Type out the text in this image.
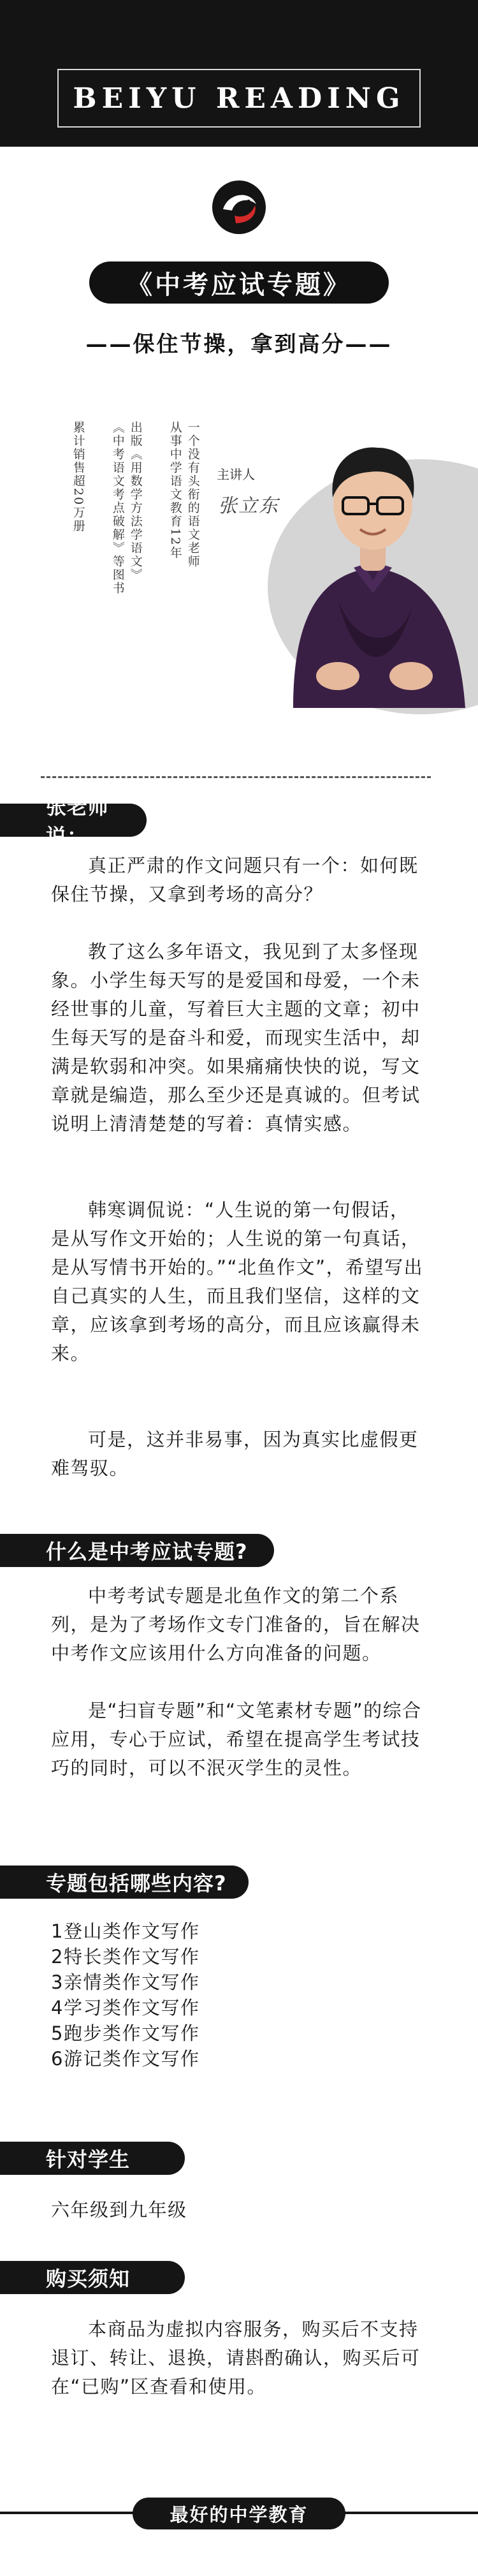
BEIYU READING
《中考应试专题》
——保住节操，拿到高分——
一个没有头衔的语文老师
从事中学语文教育12年
出版《用数学方法学语文》
《中考语文考点破解》等图书
累计销售超20万册	主讲人
张立东
张老师说：

真正严肃的作文问题只有一个：如何既保住节操，又拿到考场的高分？

教了这么多年语文，我见到了太多怪现象。小学生每天写的是爱国和母爱，一个未经世事的儿童，写着巨大主题的文章；初中生每天写的是奋斗和爱，而现实生活中，却满是软弱和冲突。如果痛痛快快的说，写文章就是编造，那么至少还是真诚的。但考试说明上清清楚楚的写着：真情实感。

韩寒调侃说：“人生说的第一句假话，是从写作文开始的；人生说的第一句真话，是从写情书开始的。”“北鱼作文”，希望写出自己真实的人生，而且我们坚信，这样的文章，应该拿到考场的高分，而且应该赢得未来。

可是，这并非易事，因为真实比虚假更难驾驭。

什么是中考应试专题?

中考考试专题是北鱼作文的第二个系列，是为了考场作文专门准备的，旨在解决中考作文应该用什么方向准备的问题。

是“扫盲专题”和“文笔素材专题”的综合应用，专心于应试，希望在提高学生考试技巧的同时，可以不泯灭学生的灵性。

专题包括哪些内容?
1登山类作文写作
2特长类作文写作
3亲情类作文写作
4学习类作文写作
5跑步类作文写作
6游记类作文写作
针对学生
六年级到九年级
购买须知

本商品为虚拟内容服务，购买后不支持退订、转让、退换，请斟酌确认，购买后可在“已购”区查看和使用。

最好的中学教育
